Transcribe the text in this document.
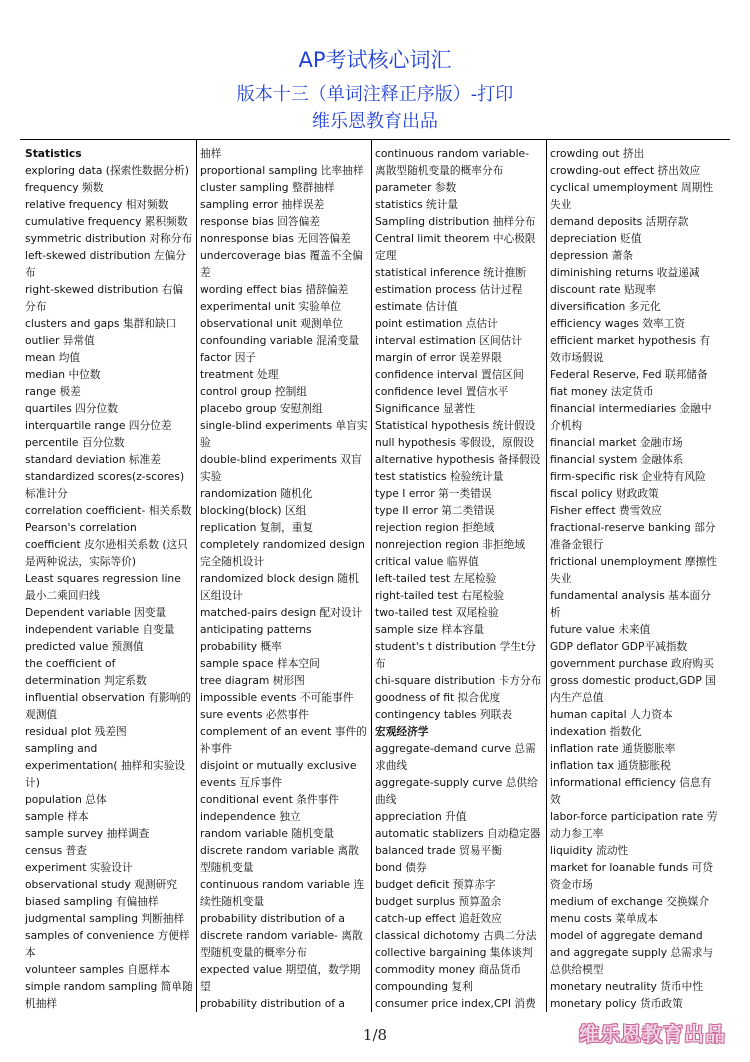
AP考试核心词汇
版本十三（单词注释正序版）-打印
维乐恩教育出品
Statistics
exploring data (探索性数据分析)
frequency 频数
relative frequency 相对频数
cumulative frequency 累积频数
symmetric distribution 对称分布
left-skewed distribution 左偏分布
right-skewed distribution 右偏分布
clusters and gaps 集群和缺口
outlier 异常值
mean 均值
median 中位数
range 极差
quartiles 四分位数
interquartile range 四分位差
percentile 百分位数
standard deviation 标准差
standardized scores(z-scores) 标准计分
correlation coefficient- 相关系数
Pearson's correlation coefficient 皮尔逊相关系数 (这只是两种说法，实际等价)
Least squares regression line 最小二乘回归线
Dependent variable 因变量
independent variable 自变量
predicted value 预测值
the coefficient of determination 判定系数
influential observation 有影响的观测值
residual plot 残差图
sampling and experimentation( 抽样和实验设计)
population 总体
sample 样本
sample survey 抽样调查
census 普查
experiment 实验设计
observational study 观测研究
biased sampling 有偏抽样
judgmental sampling 判断抽样
samples of convenience 方便样本
volunteer samples 自愿样本
simple random sampling 简单随机抽样
抽样
proportional sampling 比率抽样
cluster sampling 整群抽样
sampling error 抽样误差
response bias 回答偏差
nonresponse bias 无回答偏差
undercoverage bias 覆盖不全偏差
wording effect bias 措辞偏差
experimental unit 实验单位
observational unit 观测单位
confounding variable 混淆变量
factor 因子
treatment 处理
control group 控制组
placebo group 安慰剂组
single-blind experiments 单盲实验
double-blind experiments 双盲实验
randomization 随机化
blocking(block) 区组
replication 复制，重复
completely randomized design 完全随机设计
randomized block design 随机区组设计
matched-pairs design 配对设计
anticipating patterns
probability 概率
sample space 样本空间
tree diagram 树形图
impossible events 不可能事件
sure events 必然事件
complement of an event 事件的补事件
disjoint or mutually exclusive events 互斥事件
conditional event 条件事件
independence 独立
random variable 随机变量
discrete random variable 离散型随机变量
continuous random variable 连续性随机变量
probability distribution of a discrete random variable- 离散型随机变量的概率分布
expected value 期望值，数学期望
probability distribution of a
continuous random variable- 离散型随机变量的概率分布
parameter 参数
statistics 统计量
Sampling distribution 抽样分布
Central limit theorem 中心极限定理
statistical inference 统计推断
estimation process 估计过程
estimate 估计值
point estimation 点估计
interval estimation 区间估计
margin of error 误差界限
confidence interval 置信区间
confidence level 置信水平
Significance 显著性
Statistical hypothesis 统计假设
null hypothesis 零假设，原假设
alternative hypothesis 备择假设
test statistics 检验统计量
type I error 第一类错误
type II error 第二类错误
rejection region 拒绝域
nonrejection region 非拒绝域
critical value 临界值
left-tailed test 左尾检验
right-tailed test 右尾检验
two-tailed test 双尾检验
sample size 样本容量
student's t distribution 学生t分布
chi-square distribution 卡方分布
goodness of fit 拟合优度
contingency tables 列联表
宏观经济学
aggregate-demand curve 总需求曲线
aggregate-supply curve 总供给曲线
appreciation 升值
automatic stablizers 自动稳定器
balanced trade 贸易平衡
bond 债券
budget deficit 预算赤字
budget surplus 预算盈余
catch-up effect 追赶效应
classical dichotomy 古典二分法
collective bargaining 集体谈判
commodity money 商品货币
compounding 复利
consumer price index,CPI 消费
crowding out 挤出
crowding-out effect 挤出效应
cyclical umemployment 周期性失业
demand deposits 活期存款
depreciation 贬值
depression 萧条
diminishing returns 收益递减
discount rate 贴现率
diversification 多元化
efficiency wages 效率工资
efficient market hypothesis 有效市场假说
Federal Reserve, Fed 联邦储备
fiat money 法定货币
financial intermediaries 金融中介机构
financial market 金融市场
financial system 金融体系
firm-specific risk 企业特有风险
fiscal policy 财政政策
Fisher effect 费雪效应
fractional-reserve banking 部分准备金银行
frictional unemployment 摩擦性失业
fundamental analysis 基本面分析
future value 未来值
GDP deflator GDP平减指数
government purchase 政府购买
gross domestic product,GDP 国内生产总值
human capital 人力资本
indexation 指数化
inflation rate 通货膨胀率
inflation tax 通货膨胀税
informational efficiency 信息有效
labor-force participation rate 劳动力参工率
liquidity 流动性
market for loanable funds 可贷资金市场
medium of exchange 交换媒介
menu costs 菜单成本
model of aggregate demand and aggregate supply 总需求与总供给模型
monetary neutrality 货币中性
monetary policy 货币政策
1/8	维乐恩教育出品
